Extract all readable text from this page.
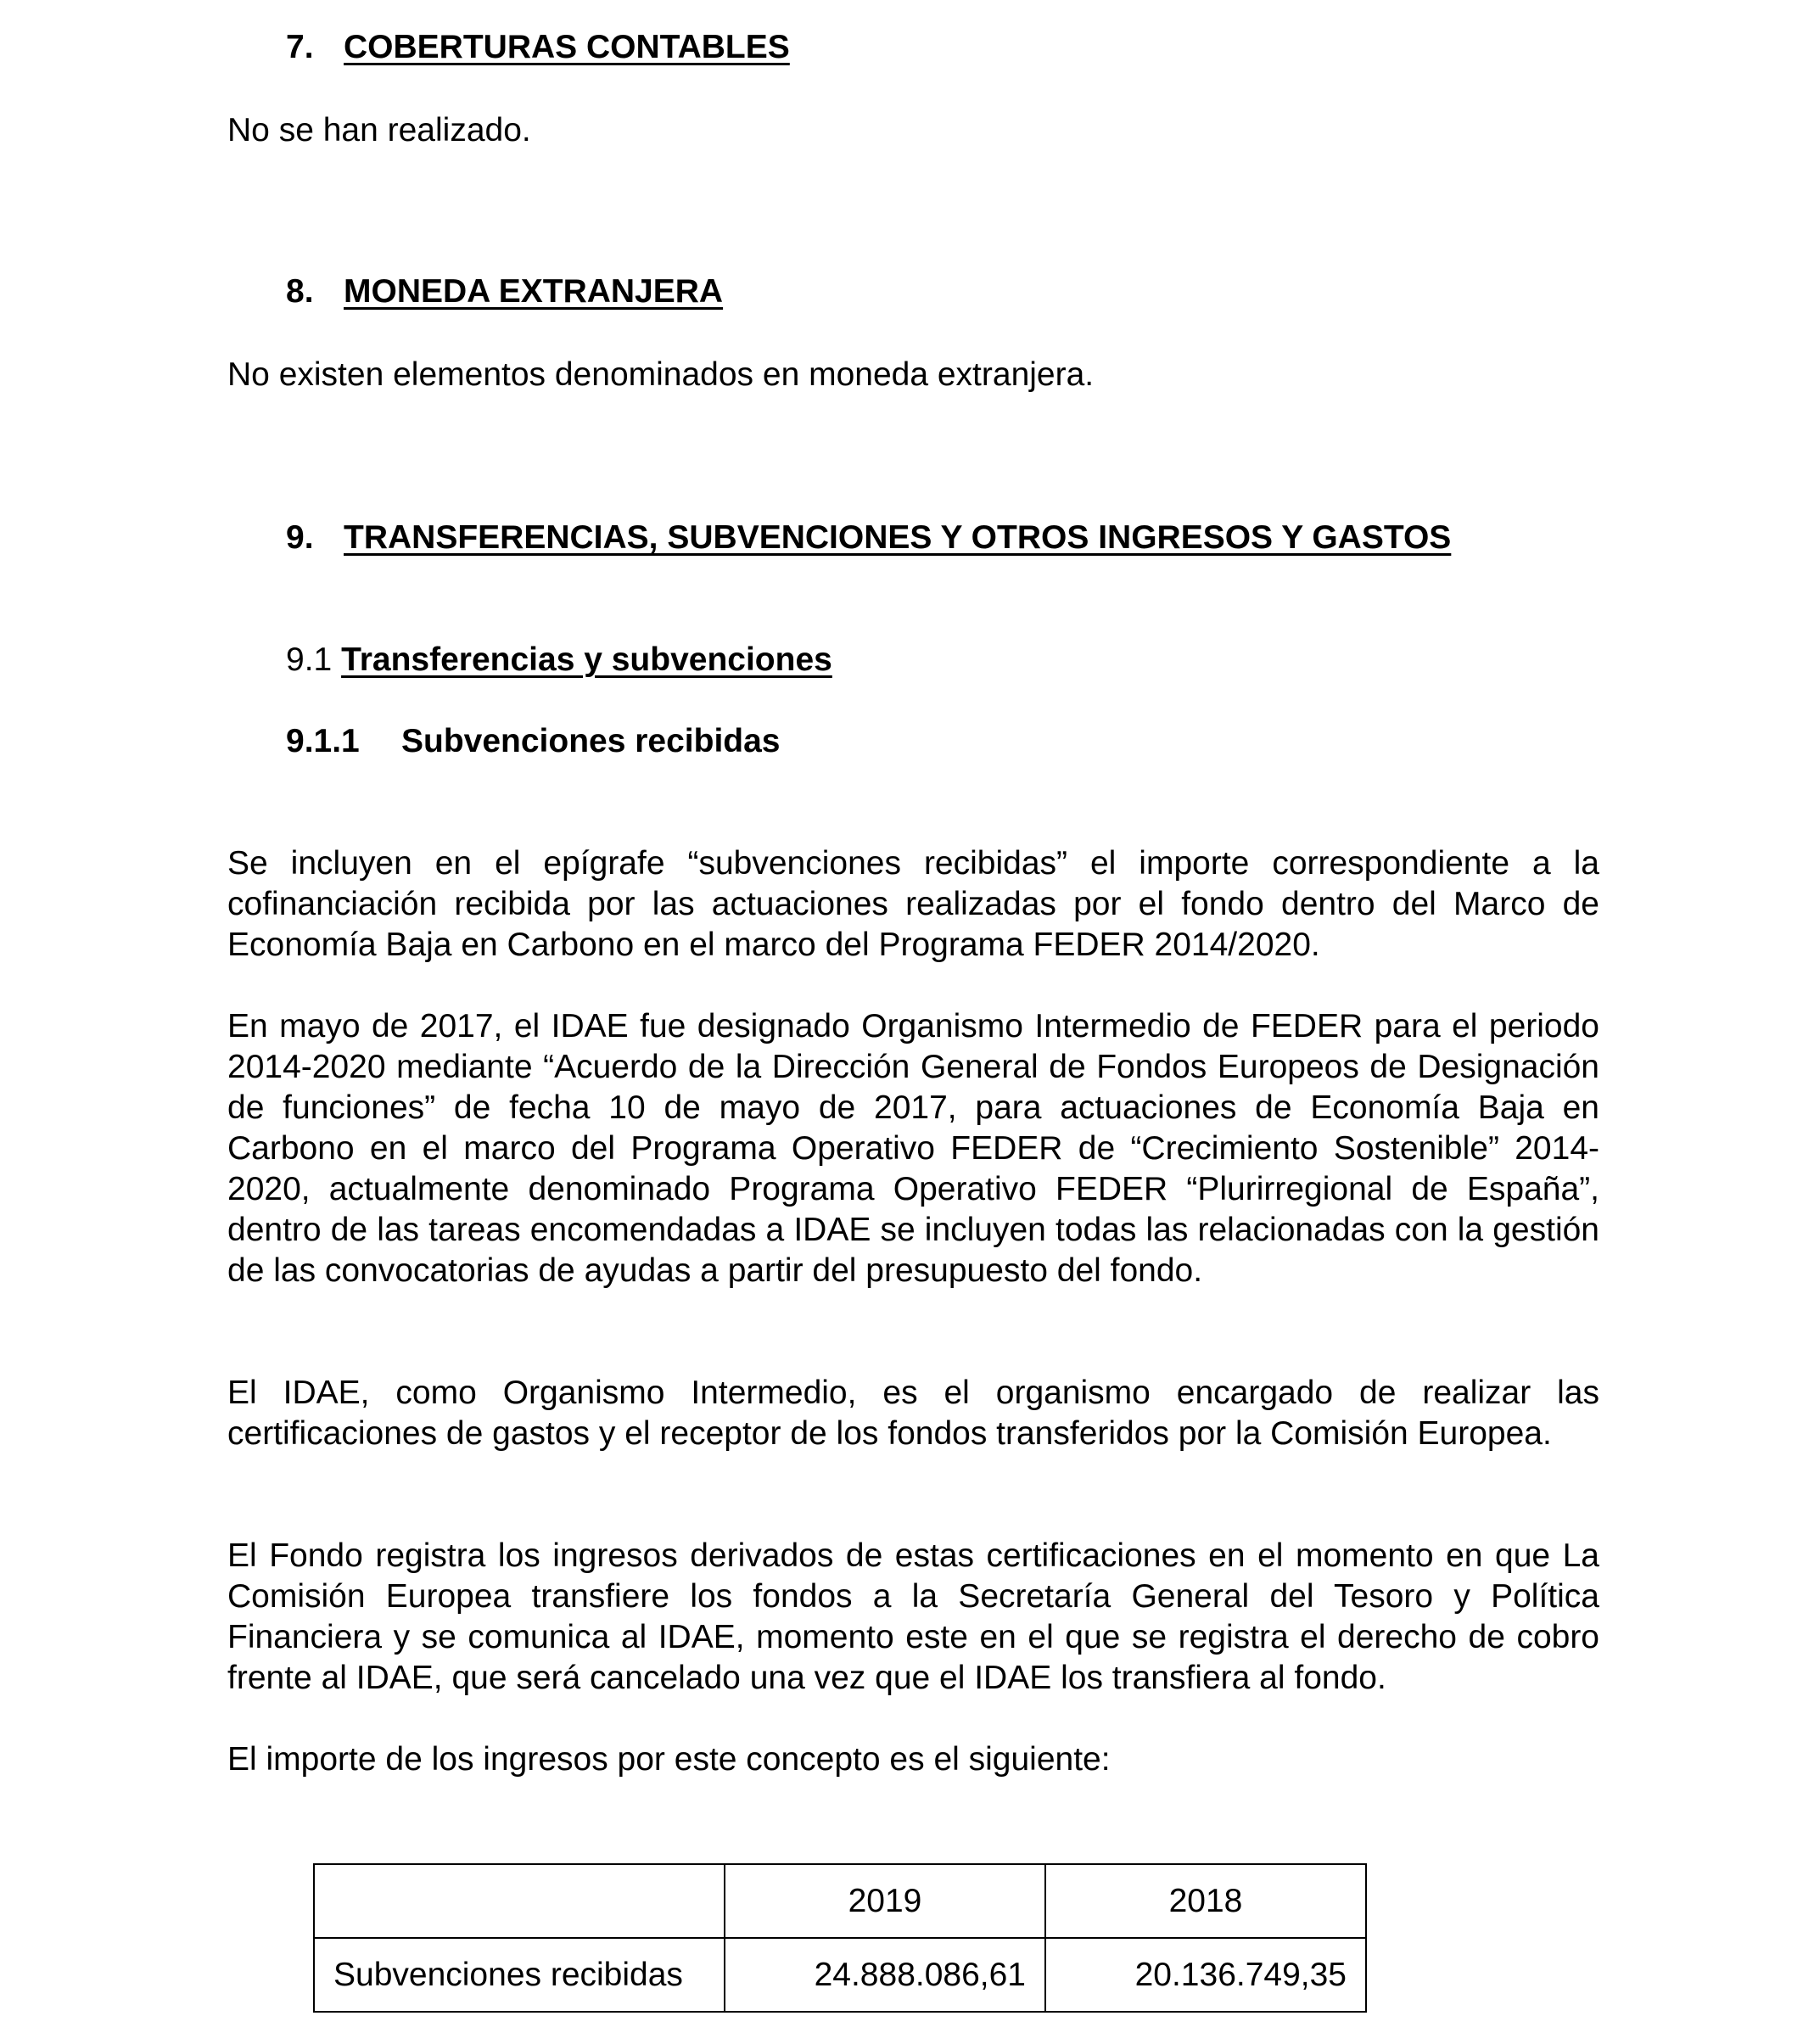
7. COBERTURAS CONTABLES
No se han realizado.
8. MONEDA EXTRANJERA
No existen elementos denominados en moneda extranjera.
9. TRANSFERENCIAS, SUBVENCIONES Y OTROS INGRESOS Y GASTOS
9.1 Transferencias y subvenciones
9.1.1 Subvenciones recibidas
Se incluyen en el epígrafe “subvenciones recibidas” el importe correspondiente a la cofinanciación recibida por las actuaciones realizadas por el fondo dentro del Marco de Economía Baja en Carbono en el marco del Programa FEDER 2014/2020.
En mayo de 2017, el IDAE fue designado Organismo Intermedio de FEDER para el periodo 2014-2020 mediante “Acuerdo de la Dirección General de Fondos Europeos de Designación de funciones” de fecha 10 de mayo de 2017, para actuaciones de Economía Baja en Carbono en el marco del Programa Operativo FEDER de “Crecimiento Sostenible” 2014-2020, actualmente denominado Programa Operativo FEDER “Plurirregional de España”, dentro de las tareas encomendadas a IDAE se incluyen todas las relacionadas con la gestión de las convocatorias de ayudas a partir del presupuesto del fondo.
El IDAE, como Organismo Intermedio, es el organismo encargado de realizar las certificaciones de gastos y el receptor de los fondos transferidos por la Comisión Europea.
El Fondo registra los ingresos derivados de estas certificaciones en el momento en que La Comisión Europea transfiere los fondos a la Secretaría General del Tesoro y Política Financiera y se comunica al IDAE, momento este en el que se registra el derecho de cobro frente al IDAE, que será cancelado una vez que el IDAE los transfiera al fondo.
El importe de los ingresos por este concepto es el siguiente:
	2019	2018
Subvenciones recibidas	24.888.086,61	20.136.749,35
